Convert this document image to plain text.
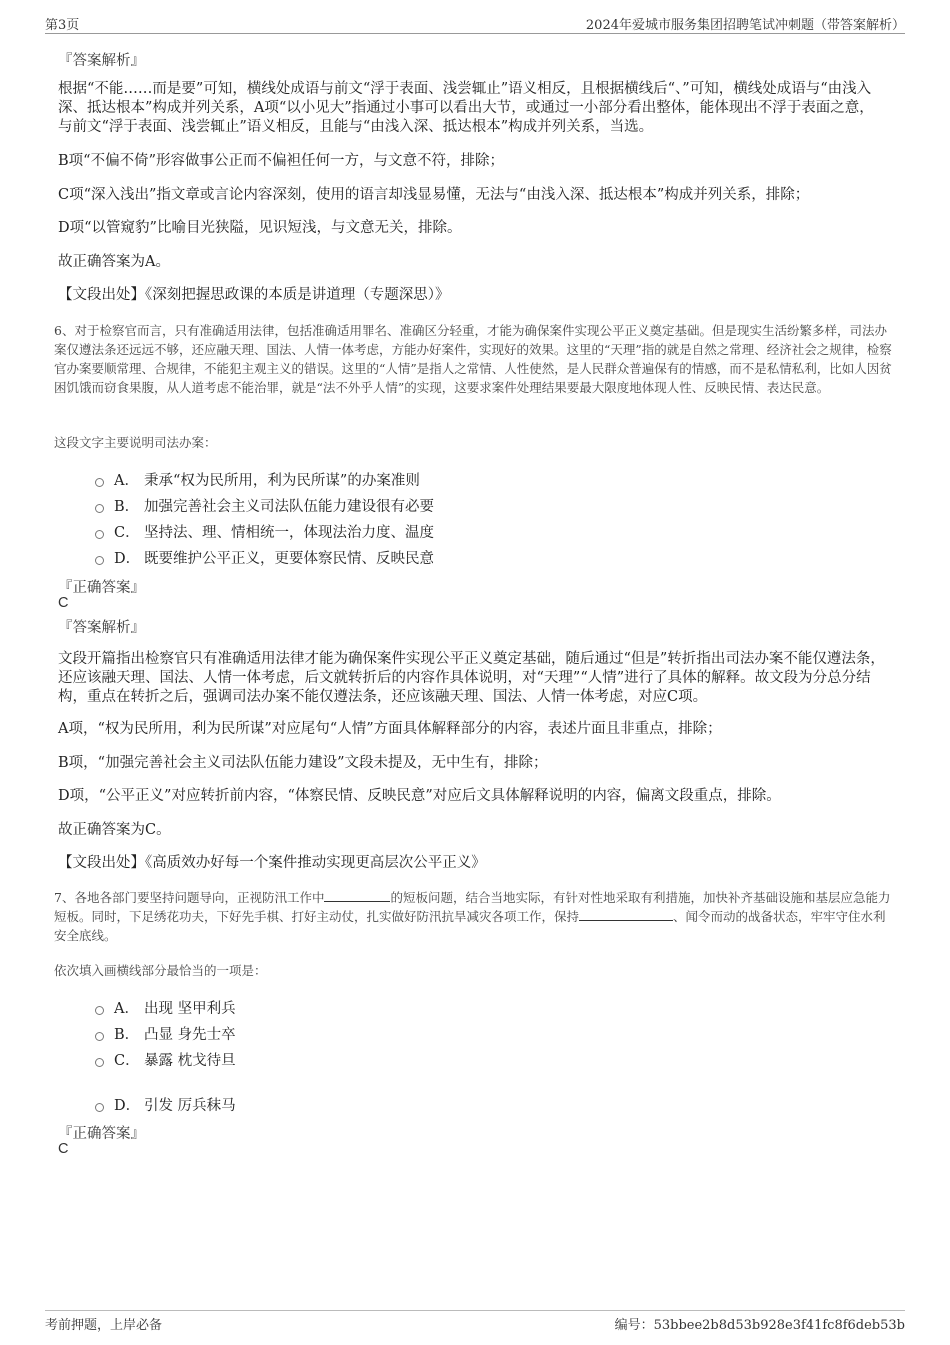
第3页	2024年爱城市服务集团招聘笔试冲刺题（带答案解析）
『答案解析』
根据“不能……而是要”可知，横线处成语与前文“浮于表面、浅尝辄止”语义相反，且根据横线后“、”可知，横线处成语与“由浅入深、抵达根本”构成并列关系，A项“以小见大”指通过小事可以看出大节，或通过一小部分看出整体，能体现出不浮于表面之意，与前文“浮于表面、浅尝辄止”语义相反，且能与“由浅入深、抵达根本”构成并列关系，当选。
B项“不偏不倚”形容做事公正而不偏袒任何一方，与文意不符，排除；
C项“深入浅出”指文章或言论内容深刻，使用的语言却浅显易懂，无法与“由浅入深、抵达根本”构成并列关系，排除；
D项“以管窥豹”比喻目光狭隘，见识短浅，与文意无关，排除。
故正确答案为A。
【文段出处】《深刻把握思政课的本质是讲道理（专题深思）》
6、对于检察官而言，只有准确适用法律，包括准确适用罪名、准确区分轻重，才能为确保案件实现公平正义奠定基础。但是现实生活纷繁多样，司法办案仅遵法条还远远不够，还应融天理、国法、人情一体考虑，方能办好案件，实现好的效果。这里的“天理”指的就是自然之常理、经济社会之规律，检察官办案要顺常理、合规律，不能犯主观主义的错误。这里的“人情”是指人之常情、人性使然，是人民群众普遍保有的情感，而不是私情私利，比如人因贫困饥饿而窃食果腹，从人道考虑不能治罪，就是“法不外乎人情”的实现，这要求案件处理结果要最大限度地体现人性、反映民情、表达民意。
这段文字主要说明司法办案：
A． 秉承“权为民所用，利为民所谋”的办案准则
B． 加强完善社会主义司法队伍能力建设很有必要
C． 坚持法、理、情相统一，体现法治力度、温度
D． 既要维护公平正义，更要体察民情、反映民意
『正确答案』
C
『答案解析』
文段开篇指出检察官只有准确适用法律才能为确保案件实现公平正义奠定基础，随后通过“但是”转折指出司法办案不能仅遵法条，还应该融天理、国法、人情一体考虑，后文就转折后的内容作具体说明，对“天理”“人情”进行了具体的解释。故文段为分总分结构，重点在转折之后，强调司法办案不能仅遵法条，还应该融天理、国法、人情一体考虑，对应C项。
A项，“权为民所用，利为民所谋”对应尾句“人情”方面具体解释部分的内容，表述片面且非重点，排除；
B项，“加强完善社会主义司法队伍能力建设”文段未提及，无中生有，排除；
D项，“公平正义”对应转折前内容，“体察民情、反映民意”对应后文具体解释说明的内容，偏离文段重点，排除。
故正确答案为C。
【文段出处】《高质效办好每一个案件推动实现更高层次公平正义》
7、各地各部门要坚持问题导向，正视防汛工作中	的短板问题，结合当地实际，有针对性地采取有利措施，加快补齐基础设施和基层应急能力短板。同时，下足绣花功夫，下好先手棋、打好主动仗，扎实做好防汛抗旱减灾各项工作，保持	、闻令而动的战备状态，牢牢守住水利安全底线。
依次填入画横线部分最恰当的一项是：
A． 出现 坚甲利兵
B． 凸显 身先士卒
C． 暴露 枕戈待旦
D． 引发 厉兵秣马
『正确答案』
C
考前押题，上岸必备	编号：53bbee2b8d53b928e3f41fc8f6deb53b
